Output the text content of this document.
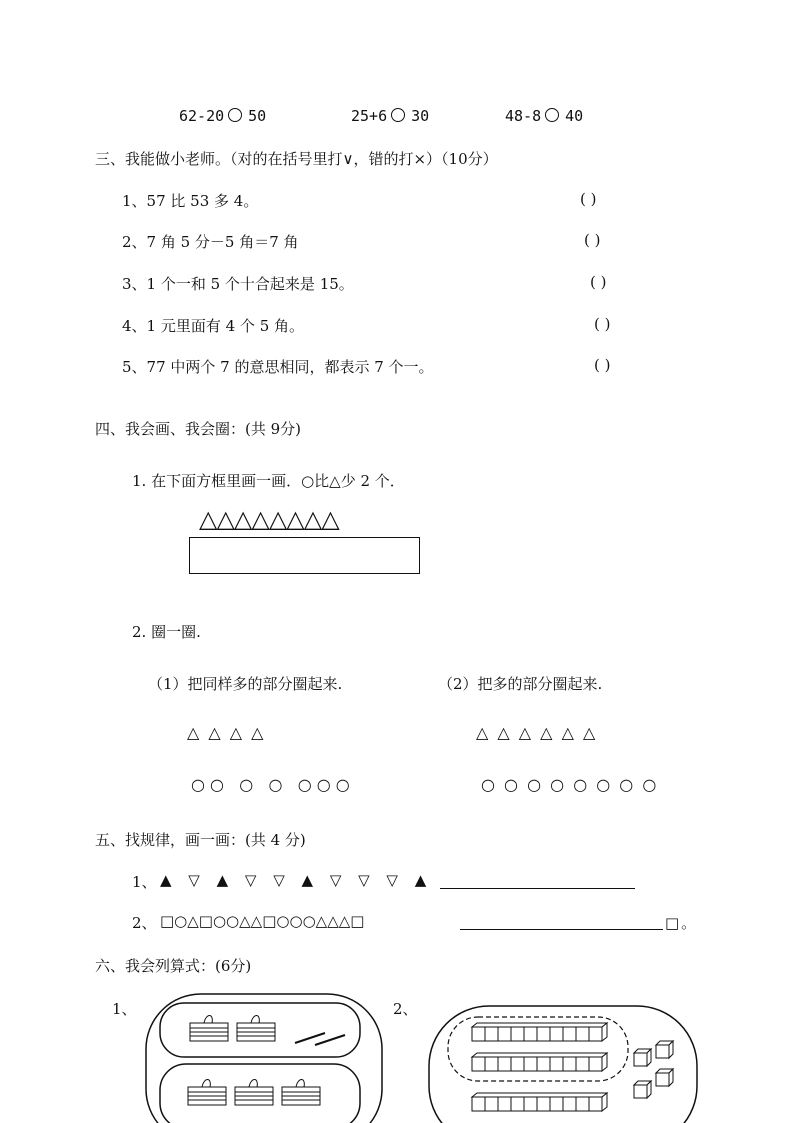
62-20 50	25+6 30	48-8 40
三、我能做小老师。（对的在括号里打∨，错的打×）（10分）
1、57 比 53 多 4。	( )
2、7 角 5 分－5 角＝7 角	( )
3、1 个一和 5 个十合起来是 15。	( )
4、1 元里面有 4 个 5 角。	( )
5、77 中两个 7 的意思相同，都表示 7 个一。	( )
四、我会画、我会圈：(共 9分)
1. 在下面方框里画一画．○比△少 2 个．
△△△△△△△△
2. 圈一圈.
（1）把同样多的部分圈起来.	（2）把多的部分圈起来.
△ △ △ △
○ ○   ○   ○   ○ ○ ○
△ △ △ △ △ △
○ ○ ○ ○ ○ ○ ○ ○
五、找规律，画一画：(共 4 分)
1、 ▲ ▽ ▲ ▽ ▽ ▲ ▽ ▽ ▽ ▲
2、 □○△□○○△△□○○○△△△□	□。
六、我会列算式：(6分)
1、	2、
